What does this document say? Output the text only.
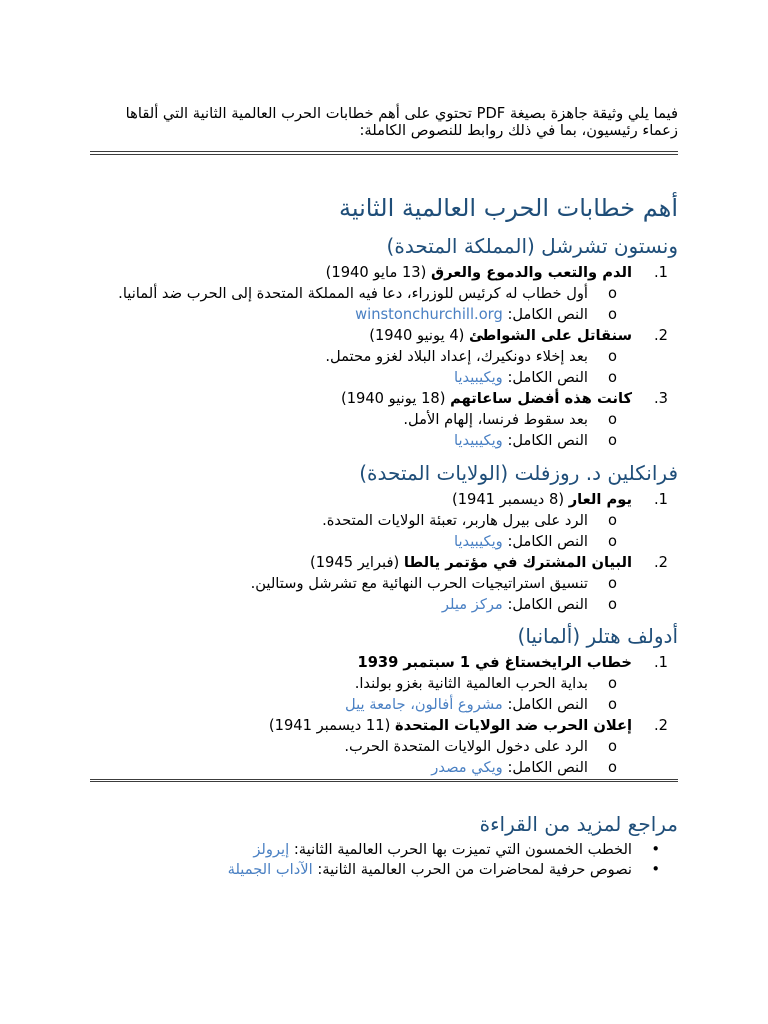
فيما يلي وثيقة جاهزة بصيغة PDF تحتوي على أهم خطابات الحرب العالمية الثانية التي ألقاها زعماء رئيسيون، بما في ذلك روابط للنصوص الكاملة:

أهم خطابات الحرب العالمية الثانية
ونستون تشرشل (المملكة المتحدة)
1.
الدم والتعب والدموع والعرق (13 مايو 1940)
o
أول خطاب له كرئيس للوزراء، دعا فيه المملكة المتحدة إلى الحرب ضد ألمانيا.
o
النص الكامل: winstonchurchill.org
2.
سنقاتل على الشواطئ (4 يونيو 1940)
o
بعد إخلاء دونكيرك، إعداد البلاد لغزو محتمل.
o
النص الكامل: ويكيبيديا
3.
كانت هذه أفضل ساعاتهم (18 يونيو 1940)
o
بعد سقوط فرنسا، إلهام الأمل.
o
النص الكامل: ويكيبيديا
فرانكلين د. روزفلت (الولايات المتحدة)
1.
يوم العار (8 ديسمبر 1941)
o
الرد على بيرل هاربر، تعبئة الولايات المتحدة.
o
النص الكامل: ويكيبيديا
2.
البيان المشترك في مؤتمر يالطا (فبراير 1945)
o
تنسيق استراتيجيات الحرب النهائية مع تشرشل وستالين.
o
النص الكامل: مركز ميلر
أدولف هتلر (ألمانيا)
1.
خطاب الرايخستاغ في 1 سبتمبر 1939
o
بداية الحرب العالمية الثانية بغزو بولندا.
o
النص الكامل: مشروع أفالون، جامعة ييل
2.
إعلان الحرب ضد الولايات المتحدة (11 ديسمبر 1941)
o
الرد على دخول الولايات المتحدة الحرب.
o
النص الكامل: ويكي مصدر
مراجع لمزيد من القراءة
•
الخطب الخمسون التي تميزت بها الحرب العالمية الثانية: إيرولز
•
نصوص حرفية لمحاضرات من الحرب العالمية الثانية: الآداب الجميلة
